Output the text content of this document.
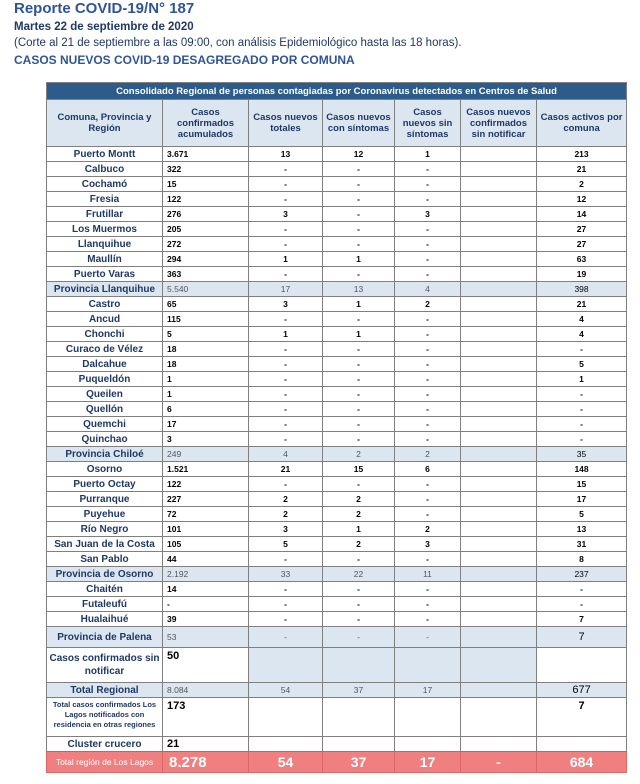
Reporte COVID-19/N° 187
Martes 22 de septiembre de 2020
(Corte al 21 de septiembre a las 09:00, con análisis Epidemiológico hasta las 18 horas).
CASOS NUEVOS COVID-19 DESAGREGADO POR COMUNA
Consolidado Regional de personas contagiadas por Coronavirus detectados en Centros de Salud						
Comuna, Provincia y Región	Casos confirmados acumulados	Casos nuevos totales	Casos nuevos con síntomas	Casos nuevos sin síntomas	Casos nuevos confirmados sin notificar	Casos activos por comuna
Puerto Montt	3.671	13	12	1		213
Calbuco	322	-	-	-		21
Cochamó	15	-	-	-		2
Fresia	122	-	-	-		12
Frutillar	276	3	-	3		14
Los Muermos	205	-	-	-		27
Llanquihue	272	-	-	-		27
Maullín	294	1	1	-		63
Puerto Varas	363	-	-	-		19
Provincia Llanquihue	5.540	17	13	4		398
Castro	65	3	1	2		21
Ancud	115	-	-	-		4
Chonchi	5	1	1	-		4
Curaco de Vélez	18	-	-	-		-
Dalcahue	18	-	-	-		5
Puqueldón	1	-	-	-		1
Queilen	1	-	-	-		-
Quellón	6	-	-	-		-
Quemchi	17	-	-	-		-
Quinchao	3	-	-	-		-
Provincia Chiloé	249	4	2	2		35
Osorno	1.521	21	15	6		148
Puerto Octay	122	-	-	-		15
Purranque	227	2	2	-		17
Puyehue	72	2	2	-		5
Río Negro	101	3	1	2		13
San Juan de la Costa	105	5	2	3		31
San Pablo	44	-	-	-		8
Provincia de Osorno	2.192	33	22	11		237
Chaitén	14	-	-	-		-
Futaleufú	-	-	-	-		-
Hualaihué	39	-	-	-		7
Provincia de Palena	53	-	-	-		7
Casos confirmados sin notificar	50					
Total Regional	8.084	54	37	17		677
Total casos confirmados Los Lagos notificados con residencia en otras regiones	173					7
Cluster crucero	21					
Total región de Los Lagos	8.278	54	37	17	-	684
